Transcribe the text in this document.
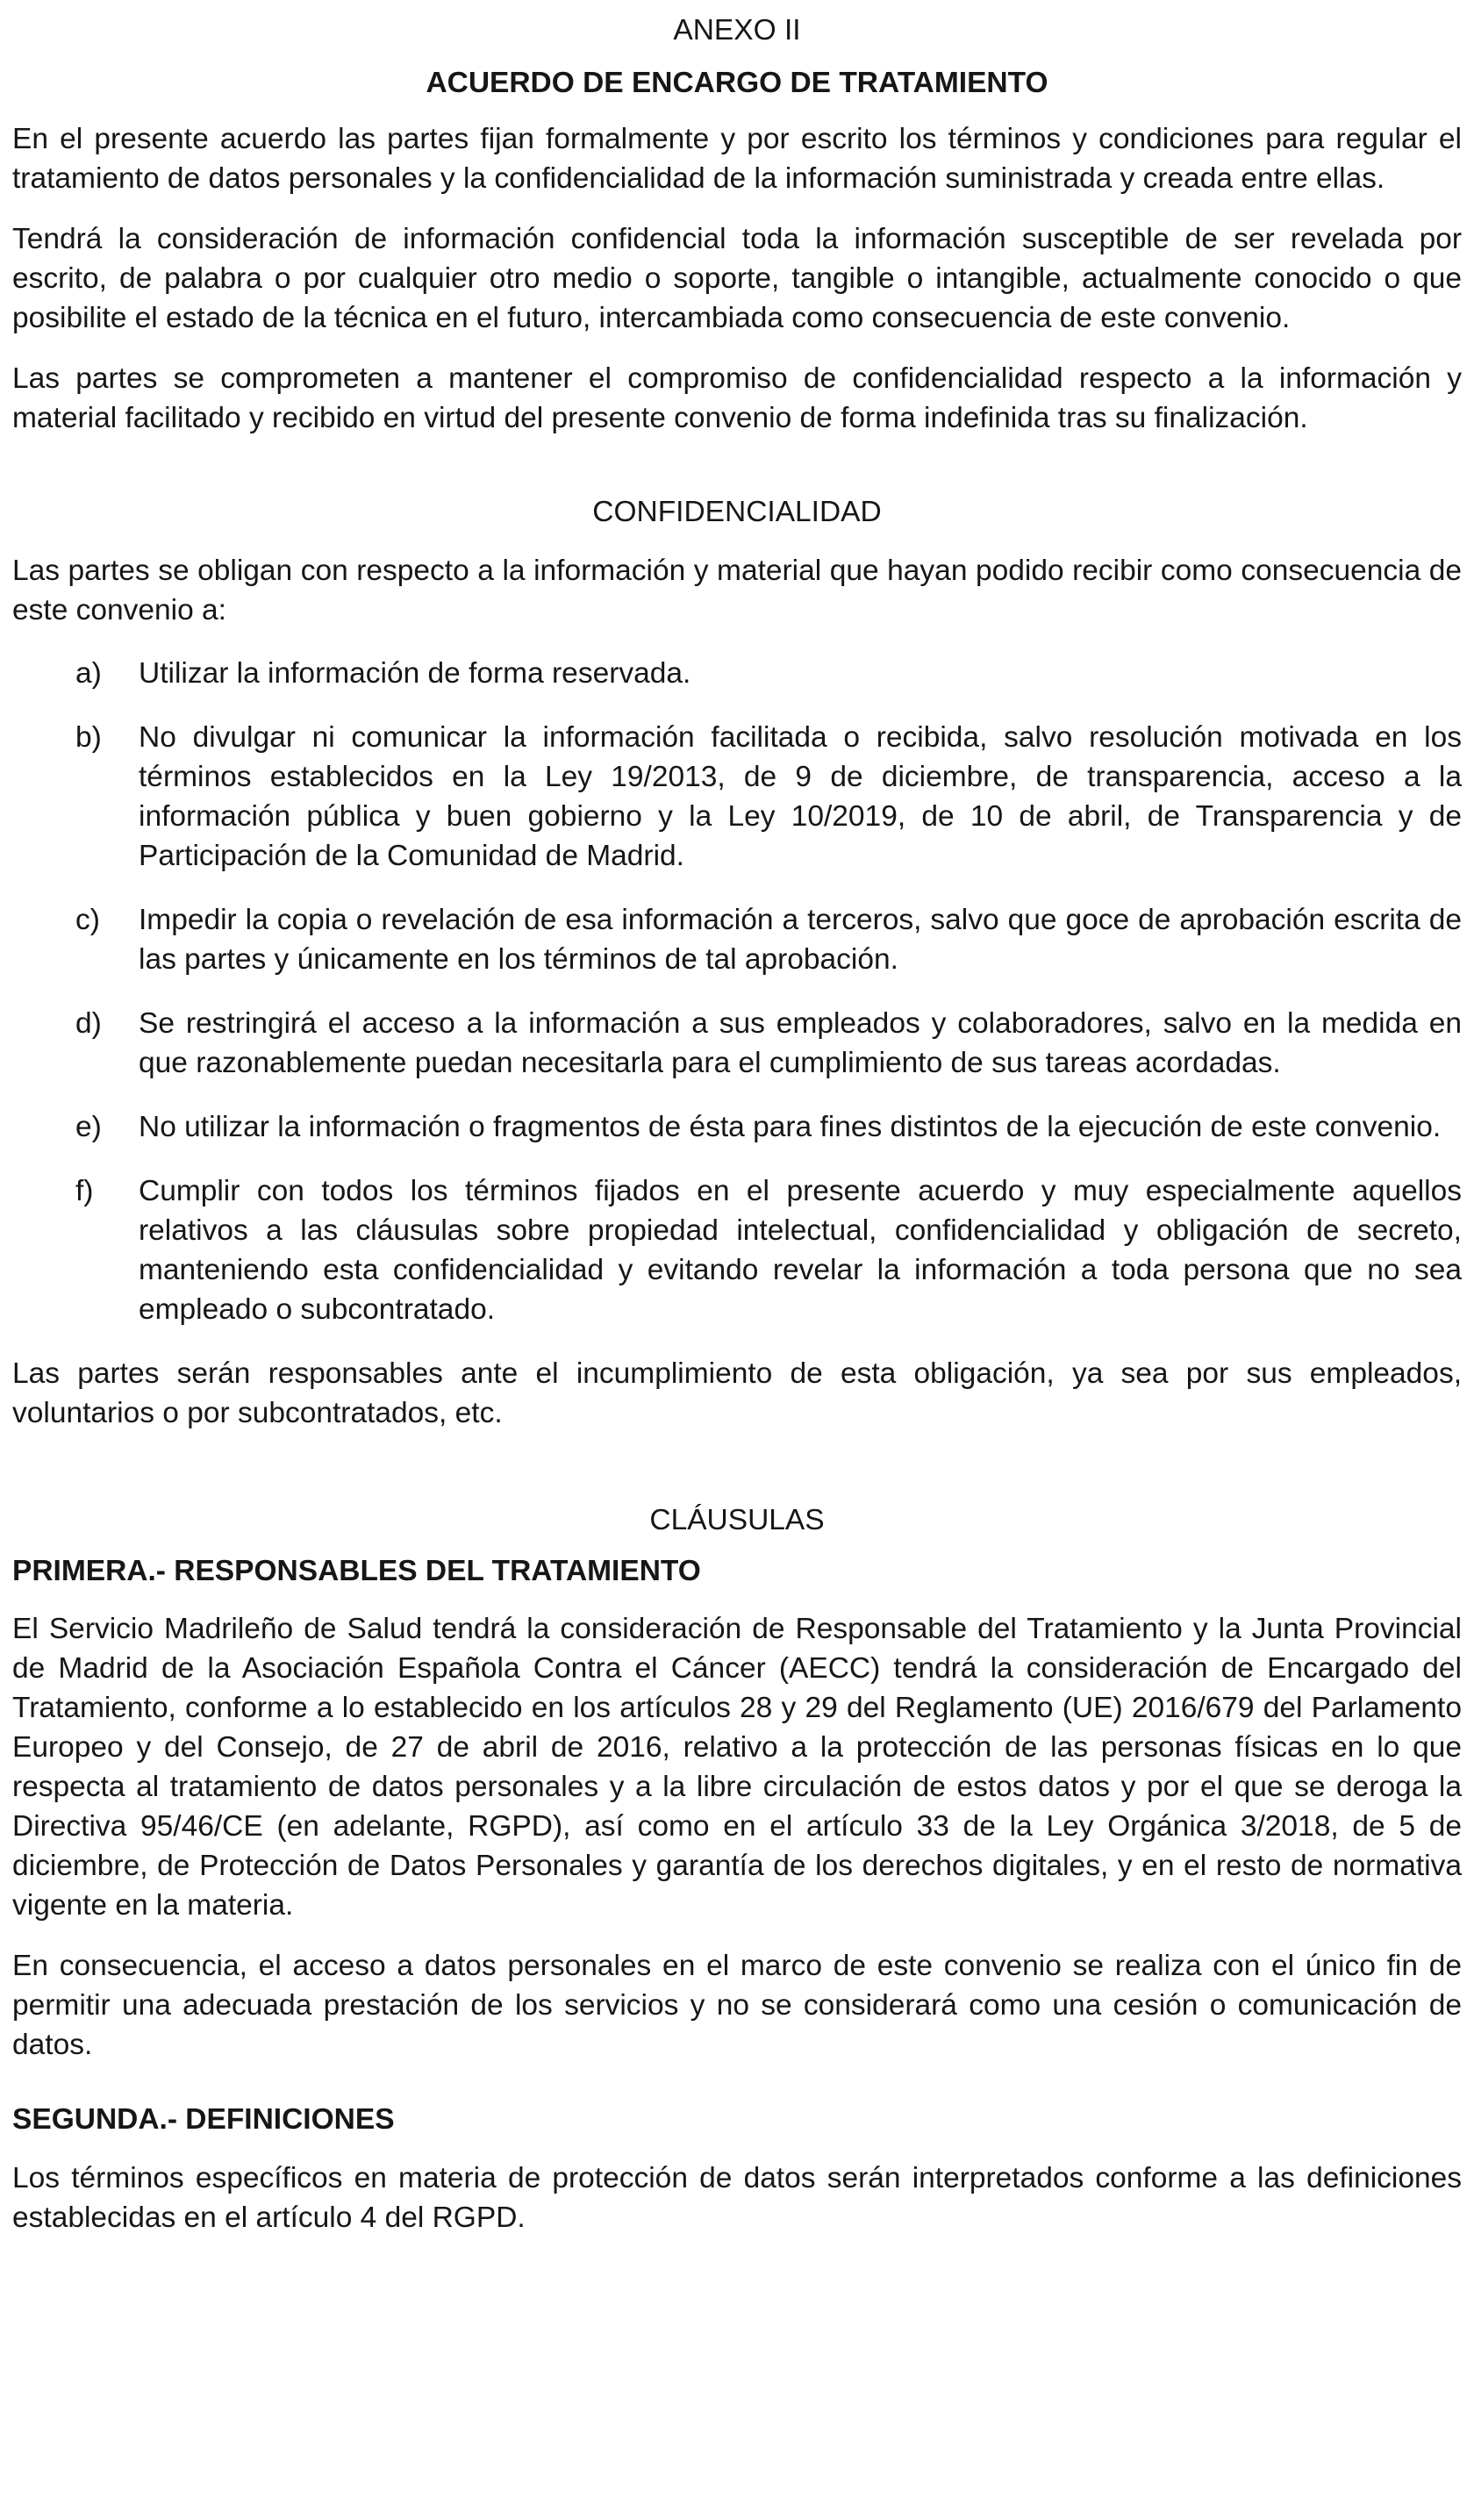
ANEXO II

ACUERDO DE ENCARGO DE TRATAMIENTO

En el presente acuerdo las partes fijan formalmente y por escrito los términos y condiciones para regular el tratamiento de datos personales y la confidencialidad de la información suministrada y creada entre ellas.

Tendrá la consideración de información confidencial toda la información susceptible de ser revelada por escrito, de palabra o por cualquier otro medio o soporte, tangible o intangible, actualmente conocido o que posibilite el estado de la técnica en el futuro, intercambiada como consecuencia de este convenio.

Las partes se comprometen a mantener el compromiso de confidencialidad respecto a la información y material facilitado y recibido en virtud del presente convenio de forma indefinida tras su finalización.

CONFIDENCIALIDAD

Las partes se obligan con respecto a la información y material que hayan podido recibir como consecuencia de este convenio a:

a)	Utilizar la información de forma reservada.
b)	No divulgar ni comunicar la información facilitada o recibida, salvo resolución motivada en los términos establecidos en la Ley 19/2013, de 9 de diciembre, de transparencia, acceso a la información pública y buen gobierno y la Ley 10/2019, de 10 de abril, de Transparencia y de Participación de la Comunidad de Madrid.
c)	Impedir la copia o revelación de esa información a terceros, salvo que goce de aprobación escrita de las partes y únicamente en los términos de tal aprobación.
d)	Se restringirá el acceso a la información a sus empleados y colaboradores, salvo en la medida en que razonablemente puedan necesitarla para el cumplimiento de sus tareas acordadas.
e)	No utilizar la información o fragmentos de ésta para fines distintos de la ejecución de este convenio.
f)	Cumplir con todos los términos fijados en el presente acuerdo y muy especialmente aquellos relativos a las cláusulas sobre propiedad intelectual, confidencialidad y obligación de secreto, manteniendo esta confidencialidad y evitando revelar la información a toda persona que no sea empleado o subcontratado.

Las partes serán responsables ante el incumplimiento de esta obligación, ya sea por sus empleados, voluntarios o por subcontratados, etc.

CLÁUSULAS

PRIMERA.- RESPONSABLES DEL TRATAMIENTO

El Servicio Madrileño de Salud tendrá la consideración de Responsable del Tratamiento y la Junta Provincial de Madrid de la Asociación Española Contra el Cáncer (AECC) tendrá la consideración de Encargado del Tratamiento, conforme a lo establecido en los artículos 28 y 29 del Reglamento (UE) 2016/679 del Parlamento Europeo y del Consejo, de 27 de abril de 2016, relativo a la protección de las personas físicas en lo que respecta al tratamiento de datos personales y a la libre circulación de estos datos y por el que se deroga la Directiva 95/46/CE (en adelante, RGPD), así como en el artículo 33 de la Ley Orgánica 3/2018, de 5 de diciembre, de Protección de Datos Personales y garantía de los derechos digitales, y en el resto de normativa vigente en la materia.

En consecuencia, el acceso a datos personales en el marco de este convenio se realiza con el único fin de permitir una adecuada prestación de los servicios y no se considerará como una cesión o comunicación de datos.

SEGUNDA.- DEFINICIONES

Los términos específicos en materia de protección de datos serán interpretados conforme a las definiciones establecidas en el artículo 4 del RGPD.
